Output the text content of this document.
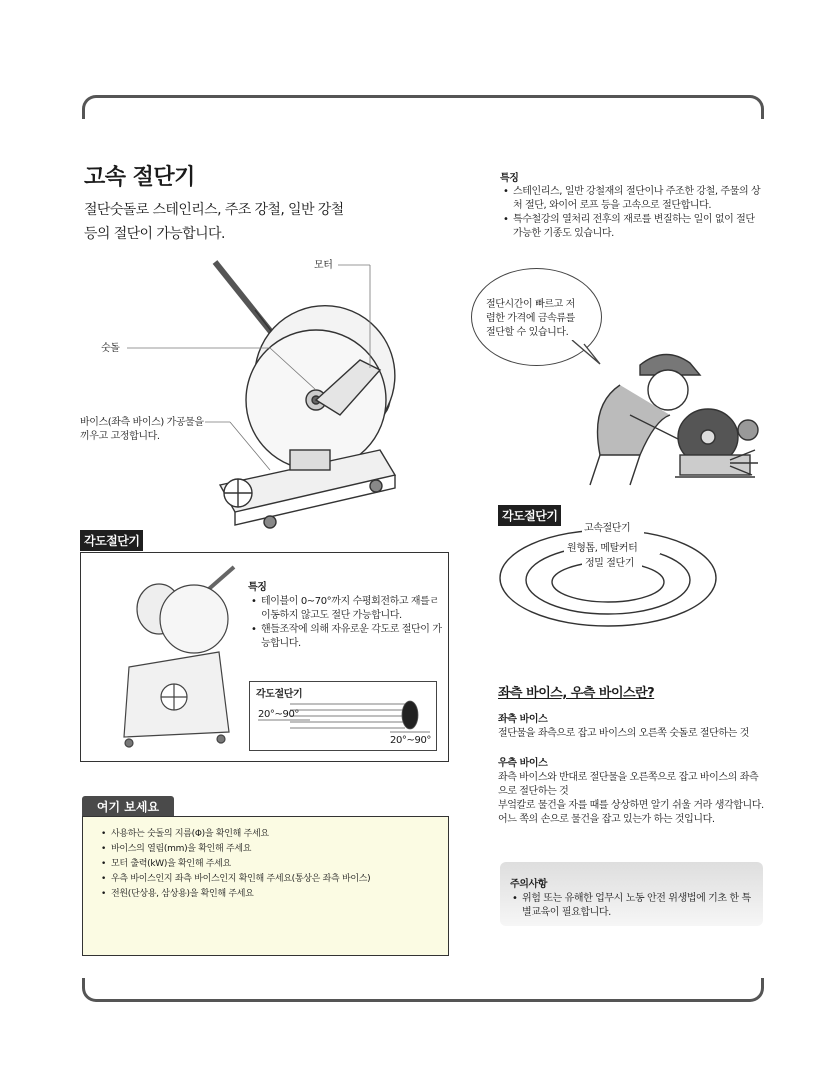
고속 절단기
절단숫돌로 스테인리스, 주조 강철, 일반 강철 등의 절단이 가능합니다.
모터
숫돌
바이스(좌측 바이스) 가공물을
끼우고 고정합니다.
특징
• 스테인리스, 일반 강철재의 절단이나 주조한 강철, 주물의 상처 절단, 와이어 로프 등을 고속으로 절단합니다.
• 특수철강의 열처리 전후의 재로를 변질하는 일이 없이 절단 가능한 기종도 있습니다.
절단시간이 빠르고 저
렴한 가격에 금속류를
절단할 수 있습니다.
각도절단기
특징
• 테이블이 0~70°까지 수평회전하고 재를ㄹ 이동하지 않고도 절단 가능합니다.
• 핸들조작에 의해 자유로운 각도로 절단이 가능합니다.
각도절단기
20°~90°
20°~90°
각도절단기
고속절단기
원형톱, 메탈커터
정밀 절단기
좌측 바이스, 우측 바이스란?
좌측 바이스
절단물을 좌측으로 잡고 바이스의 오른쪽 숫돌로 절단하는 것
우측 바이스
좌측 바이스와 반대로 절단물을 오른쪽으로 잡고 바이스의 좌측으로 절단하는 것
부엌칼로 물건을 자를 때를 상상하면 알기 쉬울 거라 생각합니다. 어느 쪽의 손으로 물건을 잡고 있는가 하는 것입니다.
여기 보세요
• 사용하는 숫돌의 지름(Φ)을 확인해 주세요
• 바이스의 열림(mm)을 확인해 주세요
• 모터 출력(kW)을 확인해 주세요
• 우측 바이스인지 좌측 바이스인지 확인해 주세요(통상은 좌측 바이스)
• 전원(단상용, 삼상용)을 확인해 주세요
주의사항
• 위험 또는 유해한 업무시 노동 안전 위생법에 기초 한 특별교육이 필요합니다.
